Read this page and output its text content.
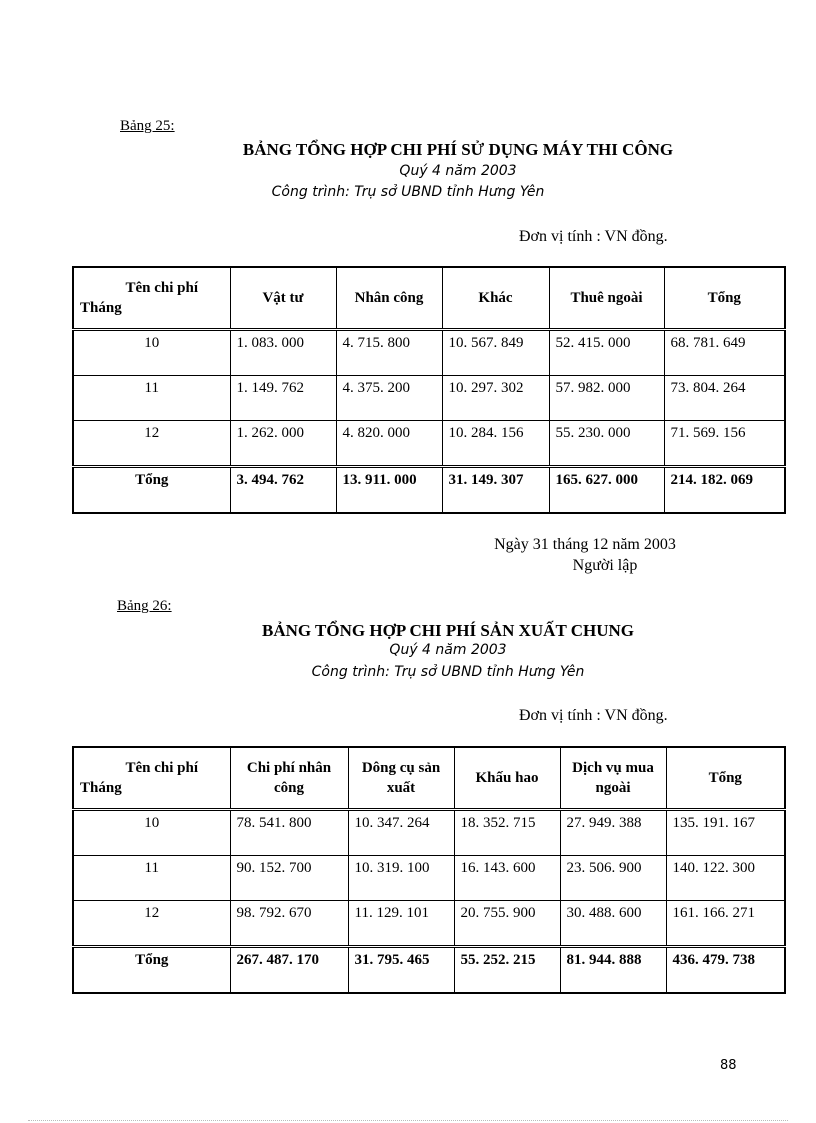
Bảng 25:
BẢNG TỔNG HỢP CHI PHÍ SỬ DỤNG MÁY THI CÔNG
Quý 4 năm 2003
Công trình: Trụ sở UBND tỉnh Hưng Yên
Đơn vị tính : VN đồng.
Tên chi phí
Tháng	Vật tư	Nhân công	Khác	Thuê ngoài	Tổng
10	1. 083. 000	4. 715. 800	10. 567. 849	52. 415. 000	68. 781. 649
11	1. 149. 762	4. 375. 200	10. 297. 302	57. 982. 000	73. 804. 264
12	1. 262. 000	4. 820. 000	10. 284. 156	55. 230. 000	71. 569. 156
Tổng	3. 494. 762	13. 911. 000	31. 149. 307	165. 627. 000	214. 182. 069
Ngày 31 tháng 12 năm 2003
Người lập
Bảng 26:
BẢNG TỔNG HỢP CHI PHÍ SẢN XUẤT CHUNG
Quý 4 năm 2003
Công trình: Trụ sở UBND tỉnh Hưng Yên
Đơn vị tính : VN đồng.
Tên chi phí
Tháng	Chi phí nhân công	Dông cụ sản xuất	Khấu hao	Dịch vụ mua ngoài	Tổng
10	78. 541. 800	10. 347. 264	18. 352. 715	27. 949. 388	135. 191. 167
11	90. 152. 700	10. 319. 100	16. 143. 600	23. 506. 900	140. 122. 300
12	98. 792. 670	11. 129. 101	20. 755. 900	30. 488. 600	161. 166. 271
Tổng	267. 487. 170	31. 795. 465	55. 252. 215	81. 944. 888	436. 479. 738
88
